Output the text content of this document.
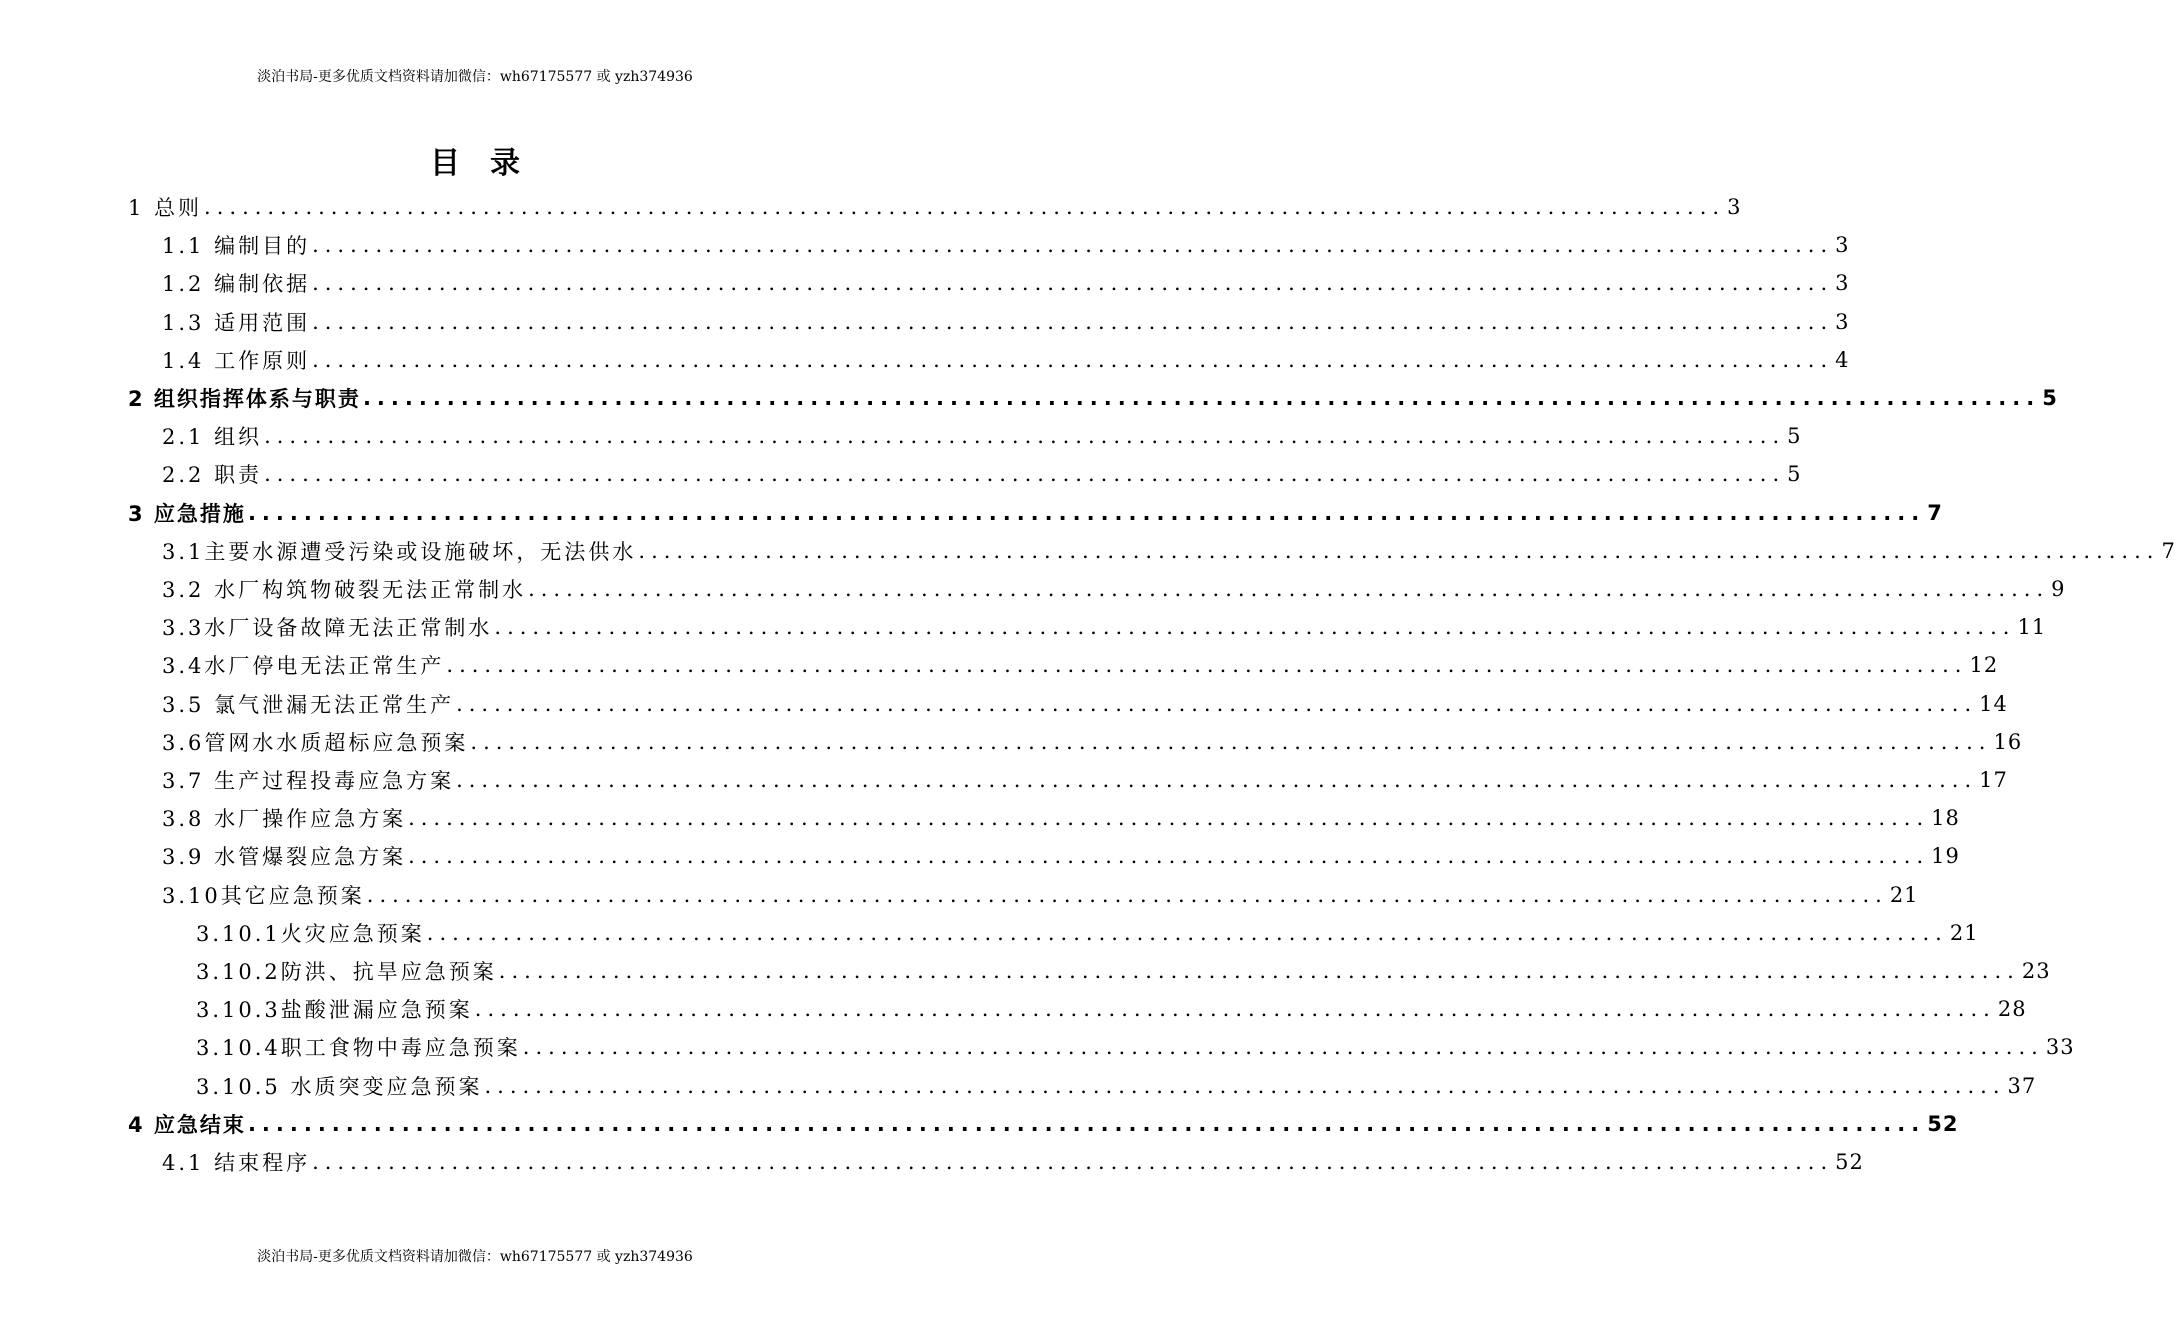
淡泊书局-更多优质文档资料请加微信：wh67175577 或 yzh374936
目录
1 总则 ........................................................................................................................ 3
1.1 编制目的 ........................................................................................................................ 3
1.2 编制依据 ........................................................................................................................ 3
1.3 适用范围 ........................................................................................................................ 3
1.4 工作原则 ........................................................................................................................ 4
2 组织指挥体系与职责 ........................................................................................................................ 5
2.1 组织 ........................................................................................................................ 5
2.2 职责 ........................................................................................................................ 5
3 应急措施 ........................................................................................................................ 7
3.1主要水源遭受污染或设施破坏，无法供水 ........................................................................................................................ 7
3.2 水厂构筑物破裂无法正常制水 ........................................................................................................................ 9
3.3水厂设备故障无法正常制水 ........................................................................................................................ 11
3.4水厂停电无法正常生产 ........................................................................................................................ 12
3.5 氯气泄漏无法正常生产 ........................................................................................................................ 14
3.6管网水水质超标应急预案 ........................................................................................................................ 16
3.7 生产过程投毒应急方案 ........................................................................................................................ 17
3.8 水厂操作应急方案 ........................................................................................................................ 18
3.9 水管爆裂应急方案 ........................................................................................................................ 19
3.10其它应急预案 ........................................................................................................................ 21
3.10.1火灾应急预案 ........................................................................................................................ 21
3.10.2防洪、抗旱应急预案 ........................................................................................................................ 23
3.10.3盐酸泄漏应急预案 ........................................................................................................................ 28
3.10.4职工食物中毒应急预案 ........................................................................................................................ 33
3.10.5 水质突变应急预案 ........................................................................................................................ 37
4 应急结束 ........................................................................................................................ 52
4.1 结束程序 ........................................................................................................................ 52
淡泊书局-更多优质文档资料请加微信：wh67175577 或 yzh374936
